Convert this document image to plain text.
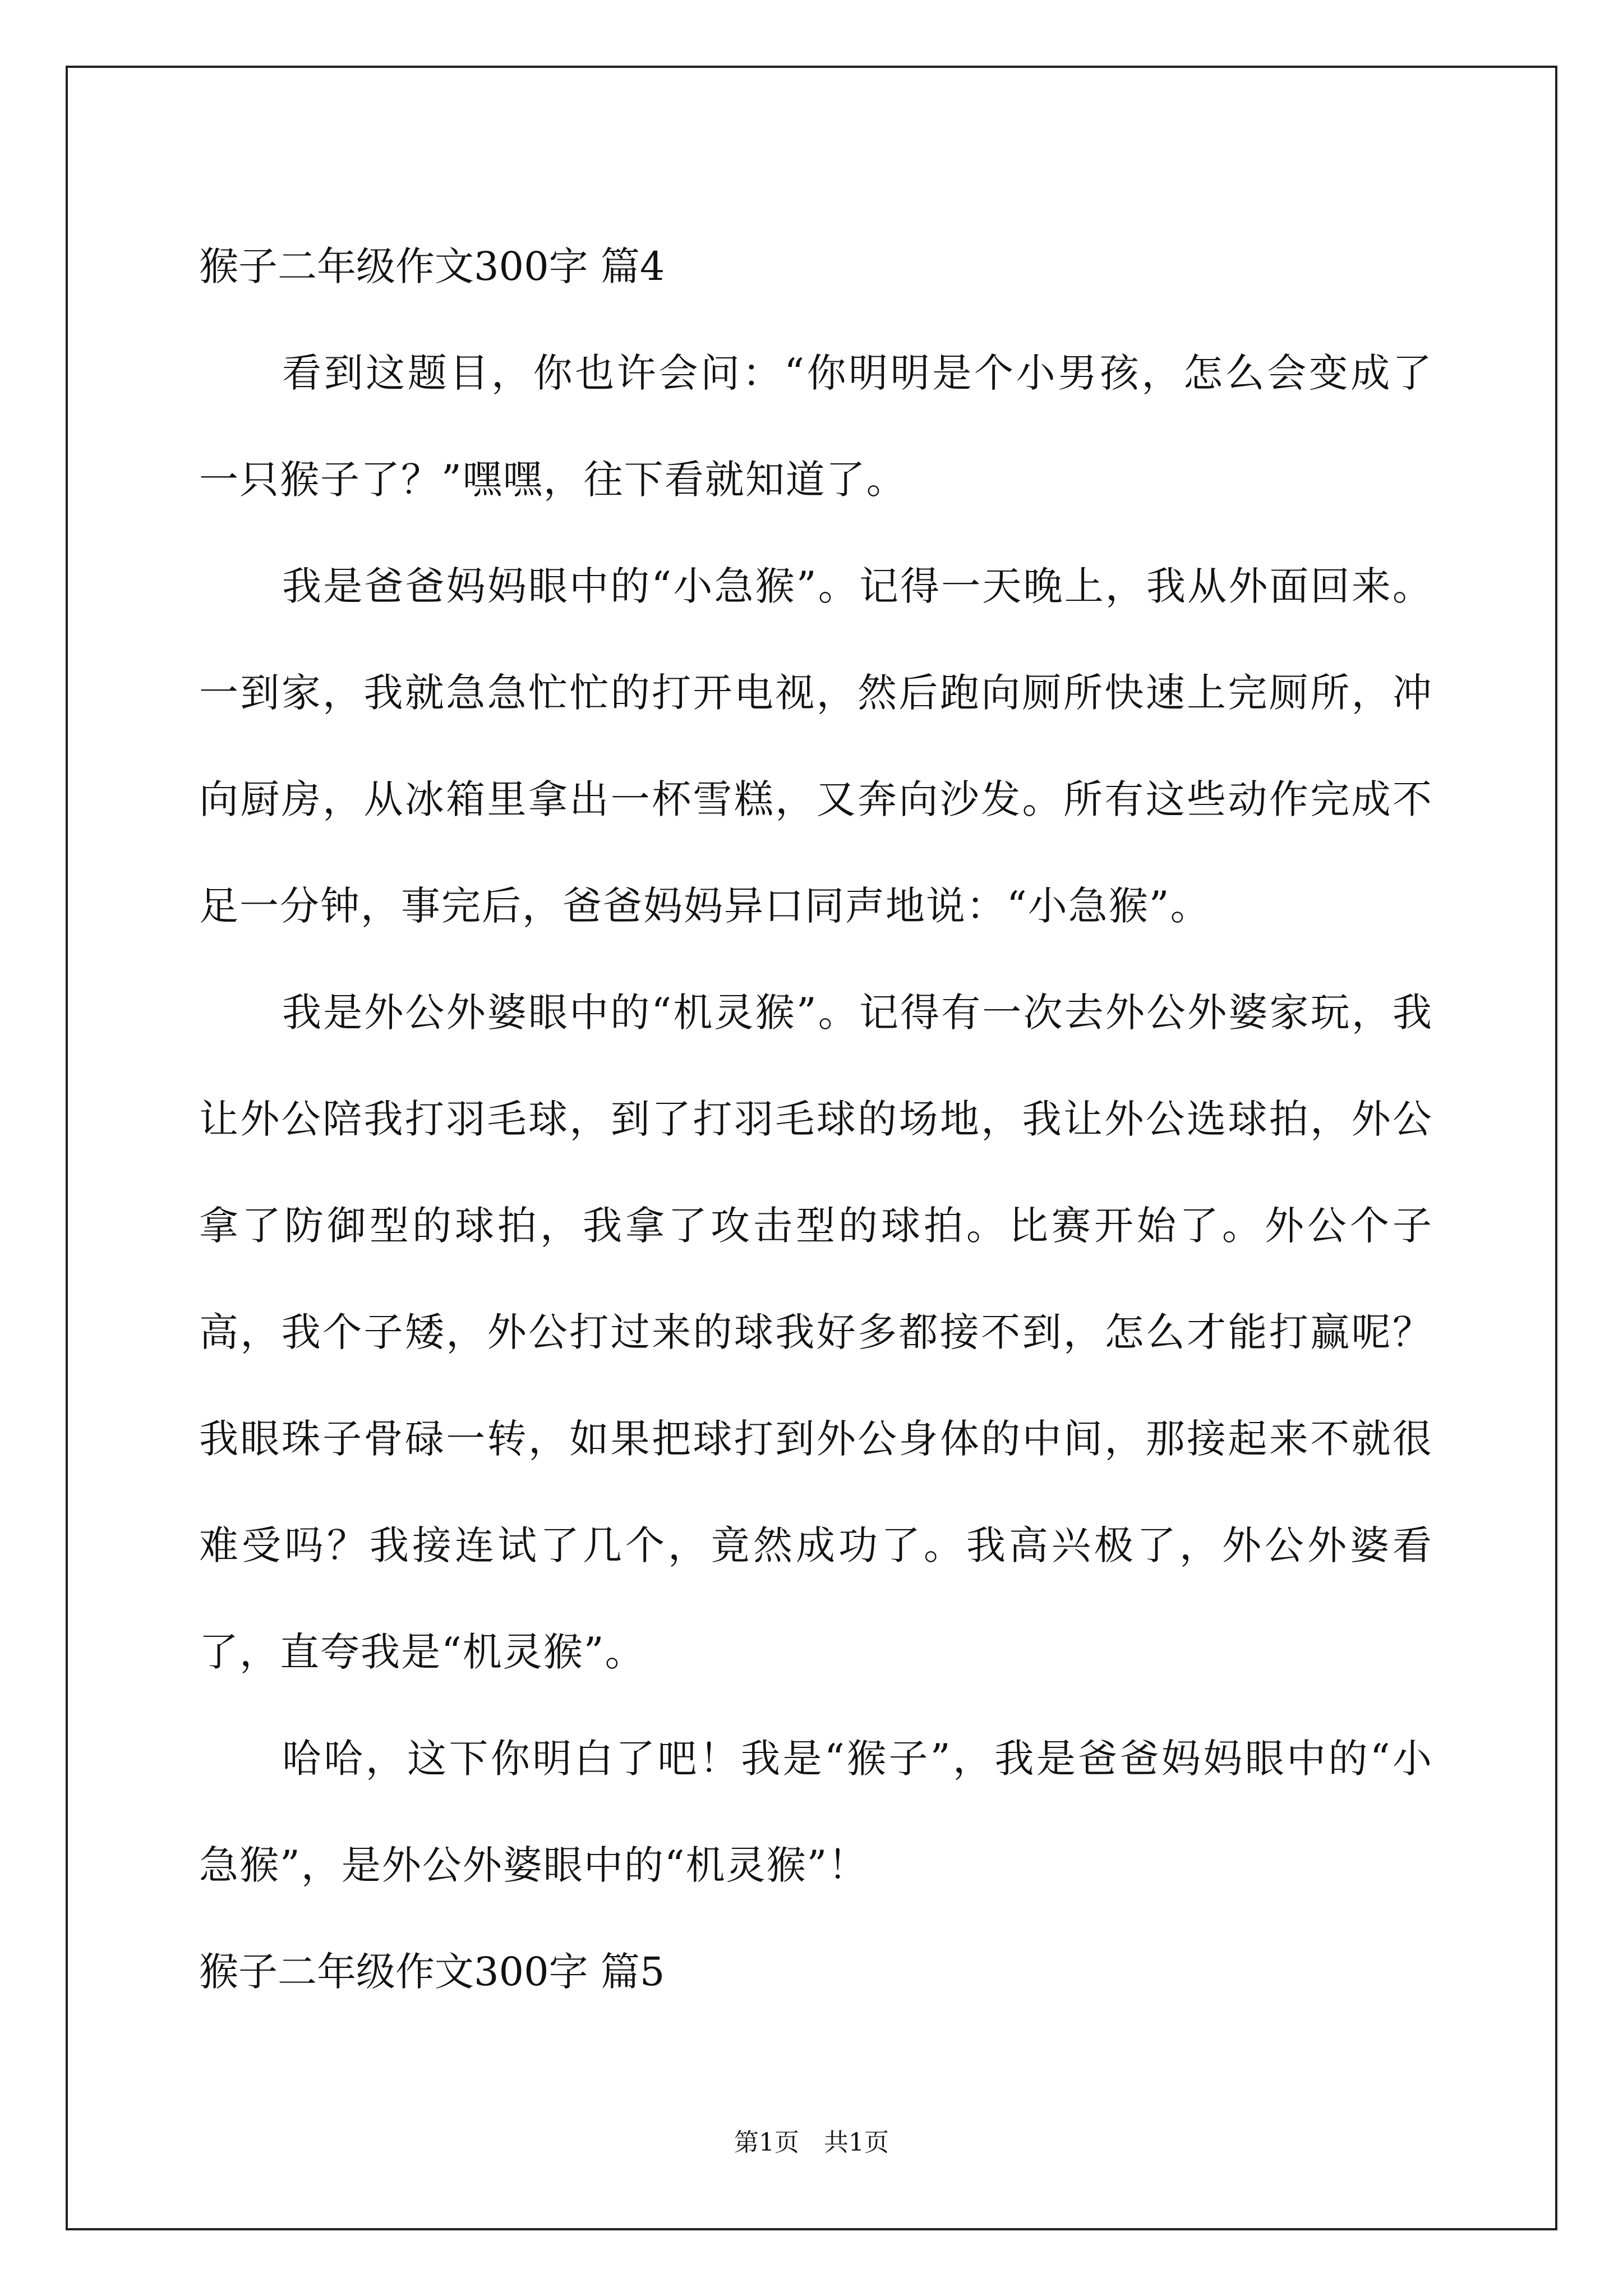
猴子二年级作文300字 篇4

看到这题目，你也许会问：“你明明是个小男孩，怎么会变成了一只猴子了？”嘿嘿，往下看就知道了。

我是爸爸妈妈眼中的“小急猴”。记得一天晚上，我从外面回来。一到家，我就急急忙忙的打开电视，然后跑向厕所快速上完厕所，冲向厨房，从冰箱里拿出一杯雪糕，又奔向沙发。所有这些动作完成不足一分钟，事完后，爸爸妈妈异口同声地说：“小急猴”。

我是外公外婆眼中的“机灵猴”。记得有一次去外公外婆家玩，我让外公陪我打羽毛球，到了打羽毛球的场地，我让外公选球拍，外公拿了防御型的球拍，我拿了攻击型的球拍。比赛开始了。外公个子高，我个子矮，外公打过来的球我好多都接不到，怎么才能打赢呢？我眼珠子骨碌一转，如果把球打到外公身体的中间，那接起来不就很难受吗？我接连试了几个，竟然成功了。我高兴极了，外公外婆看了，直夸我是“机灵猴”。

哈哈，这下你明白了吧！我是“猴子”，我是爸爸妈妈眼中的“小急猴”，是外公外婆眼中的“机灵猴”！

猴子二年级作文300字 篇5

第1页　共1页
